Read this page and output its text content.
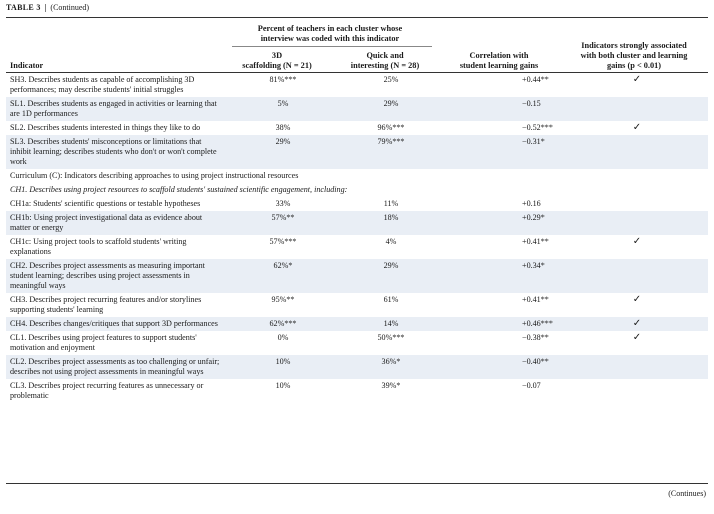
TABLE 3 | (Continued)
Percent of teachers in each cluster whose
interview was coded with this indicator
Indicator
3D
scaffolding (N = 21)
Quick and
interesting (N = 28)
Correlation with
student learning gains
Indicators strongly associated
with both cluster and learning
gains (p < 0.01)
SH3. Describes students as capable of accomplishing 3D performances; may describe students' initial struggles	81%***	25%	+0.44**	✓
SL1. Describes students as engaged in activities or learning that are 1D performances	5%	29%	−0.15	
SL2. Describes students interested in things they like to do	38%	96%***	−0.52***	✓
SL3. Describes students' misconceptions or limitations that inhibit learning; describes students who don't or won't complete work	29%	79%***	−0.31*	
Curriculum (C): Indicators describing approaches to using project instructional resources				
CH1. Describes using project resources to scaffold students' sustained scientific engagement, including:				
CH1a: Students' scientific questions or testable hypotheses	33%	11%	+0.16	
CH1b: Using project investigational data as evidence about matter or energy	57%**	18%	+0.29*	
CH1c: Using project tools to scaffold students' writing explanations	57%***	4%	+0.41**	✓
CH2. Describes project assessments as measuring important student learning; describes using project assessments in meaningful ways	62%*	29%	+0.34*	
CH3. Describes project recurring features and/or storylines supporting students' learning	95%**	61%	+0.41**	✓
CH4. Describes changes/critiques that support 3D performances	62%***	14%	+0.46***	✓
CL1. Describes using project features to support students' motivation and enjoyment	0%	50%***	−0.38**	✓
CL2. Describes project assessments as too challenging or unfair; describes not using project assessments in meaningful ways	10%	36%*	−0.40**	
CL3. Describes project recurring features as unnecessary or problematic	10%	39%*	−0.07	
(Continues)
